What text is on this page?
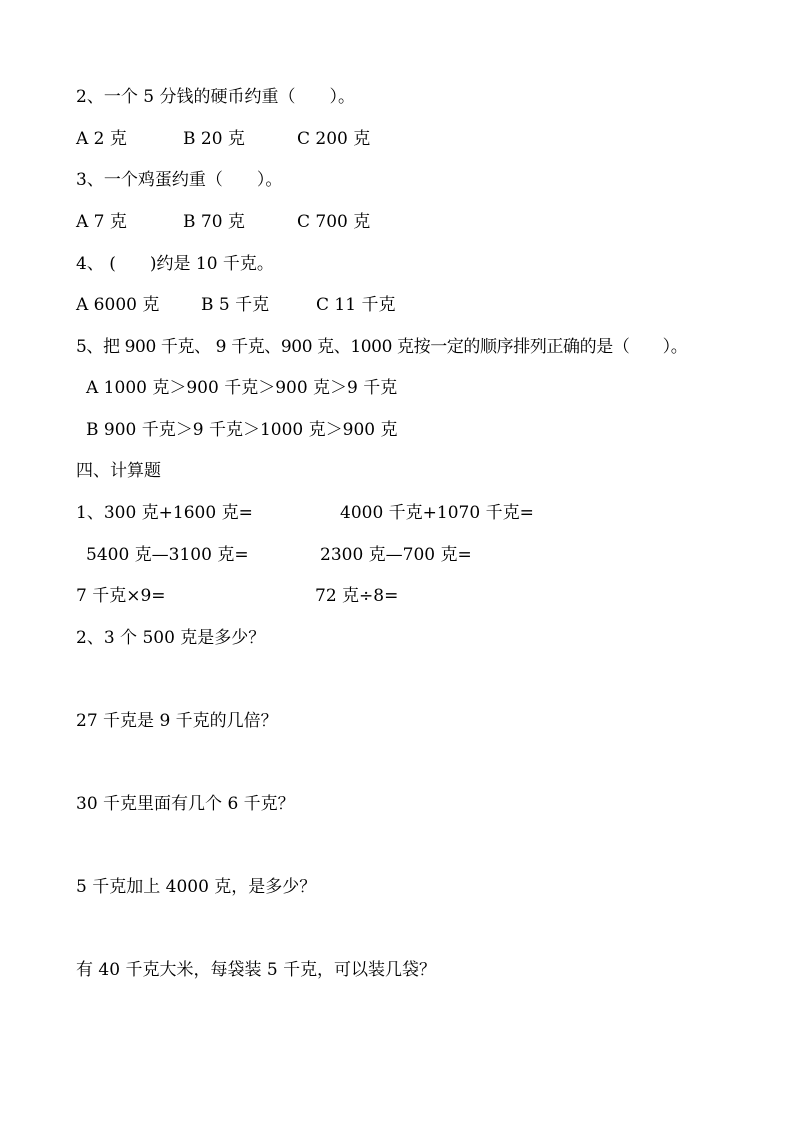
2、一个 5 分钱的硬币约重（　　）。
A 2 克	B 20 克	C 200 克
3、一个鸡蛋约重（　　）。
A 7 克	B 70 克	C 700 克
4、 (　　)约是 10 千克。
A 6000 克 B 5 千克	C 11 千克
5、把 900 千克、 9 千克、900 克、1000 克按一定的顺序排列正确的是（　　）。
A 1000 克＞900 千克＞900 克＞9 千克
B 900 千克＞9 千克＞1000 克＞900 克
四、计算题
1、300 克+1600 克=	4000 千克+1070 千克=
5400 克—3100 克=	2300 克—700 克=
7 千克×9=	72 克÷8=
2、3 个 500 克是多少？
27 千克是 9 千克的几倍？
30 千克里面有几个 6 千克？
5 千克加上 4000 克，是多少？
有 40 千克大米，每袋装 5 千克，可以装几袋？
